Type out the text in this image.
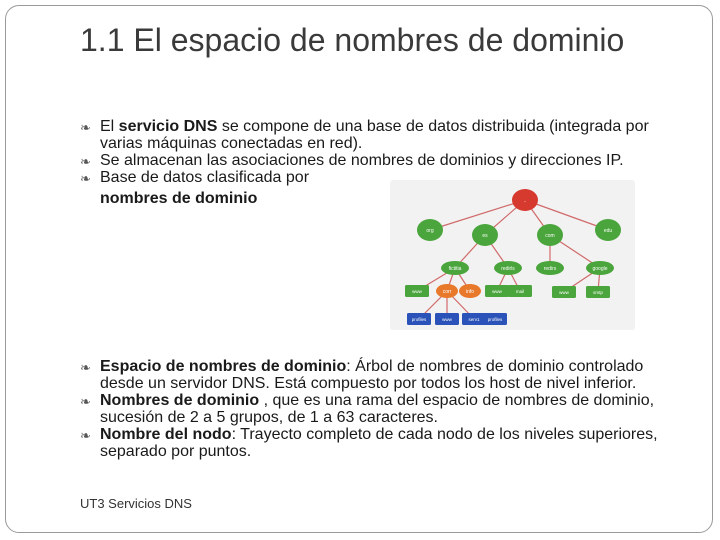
1.1 El espacio de nombres de dominio
❧ El servicio DNS se compone de una base de datos distribuida (integrada por varias máquinas conectadas en red).
❧ Se almacenan las asociaciones de nombres de dominios y direcciones IP.
❧ Base de datos clasificada por

nombres de dominio	.
org
es	com
edu
fictitia	redirls	redirs	google
www	corr	info	www	mail	www	smtp
profiles	www	serv1 profiles
❧ Espacio de nombres de dominio: Árbol de nombres de dominio controlado desde un servidor DNS. Está compuesto por todos los host de nivel inferior.
❧ Nombres de dominio , que es una rama del espacio de nombres de dominio, sucesión de 2 a 5 grupos, de 1 a 63 caracteres.
❧ Nombre del nodo: Trayecto completo de cada nodo de los niveles superiores, separado por puntos.
UT3 Servicios DNS
